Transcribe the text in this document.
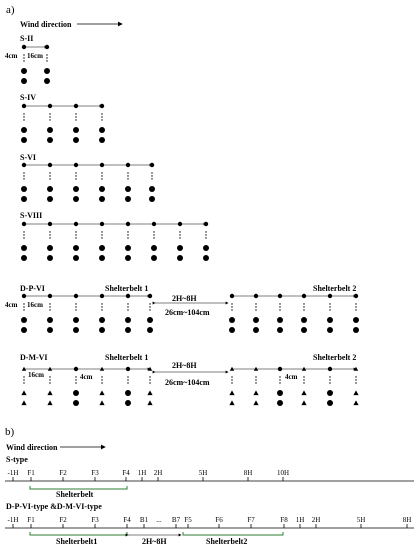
a)
Wind direction
S-II
4cm 16cm
S-IV
S-VI
S-VIII
D-P-VI	Shelterbelt 1	Shelterbelt 2
4cm 16cm
2H~8H
26cm~104cm
D-M-VI	Shelterbelt 1	Shelterbelt 2
16cm	4cm	4cm
2H~8H
26cm~104cm
b)
Wind direction
S-type
-1H F1	F2	F3	F4 1H 2H	5H	8H	10H
Shelterbelt
D-P-VI-type &D-M-VI-type
-1H F1	F2	F3	F4 B1 ... B7 F5	F6	F7	F8 1H 2H	5H	8H
Shelterbelt1	2H~8H	Shelterbelt2
